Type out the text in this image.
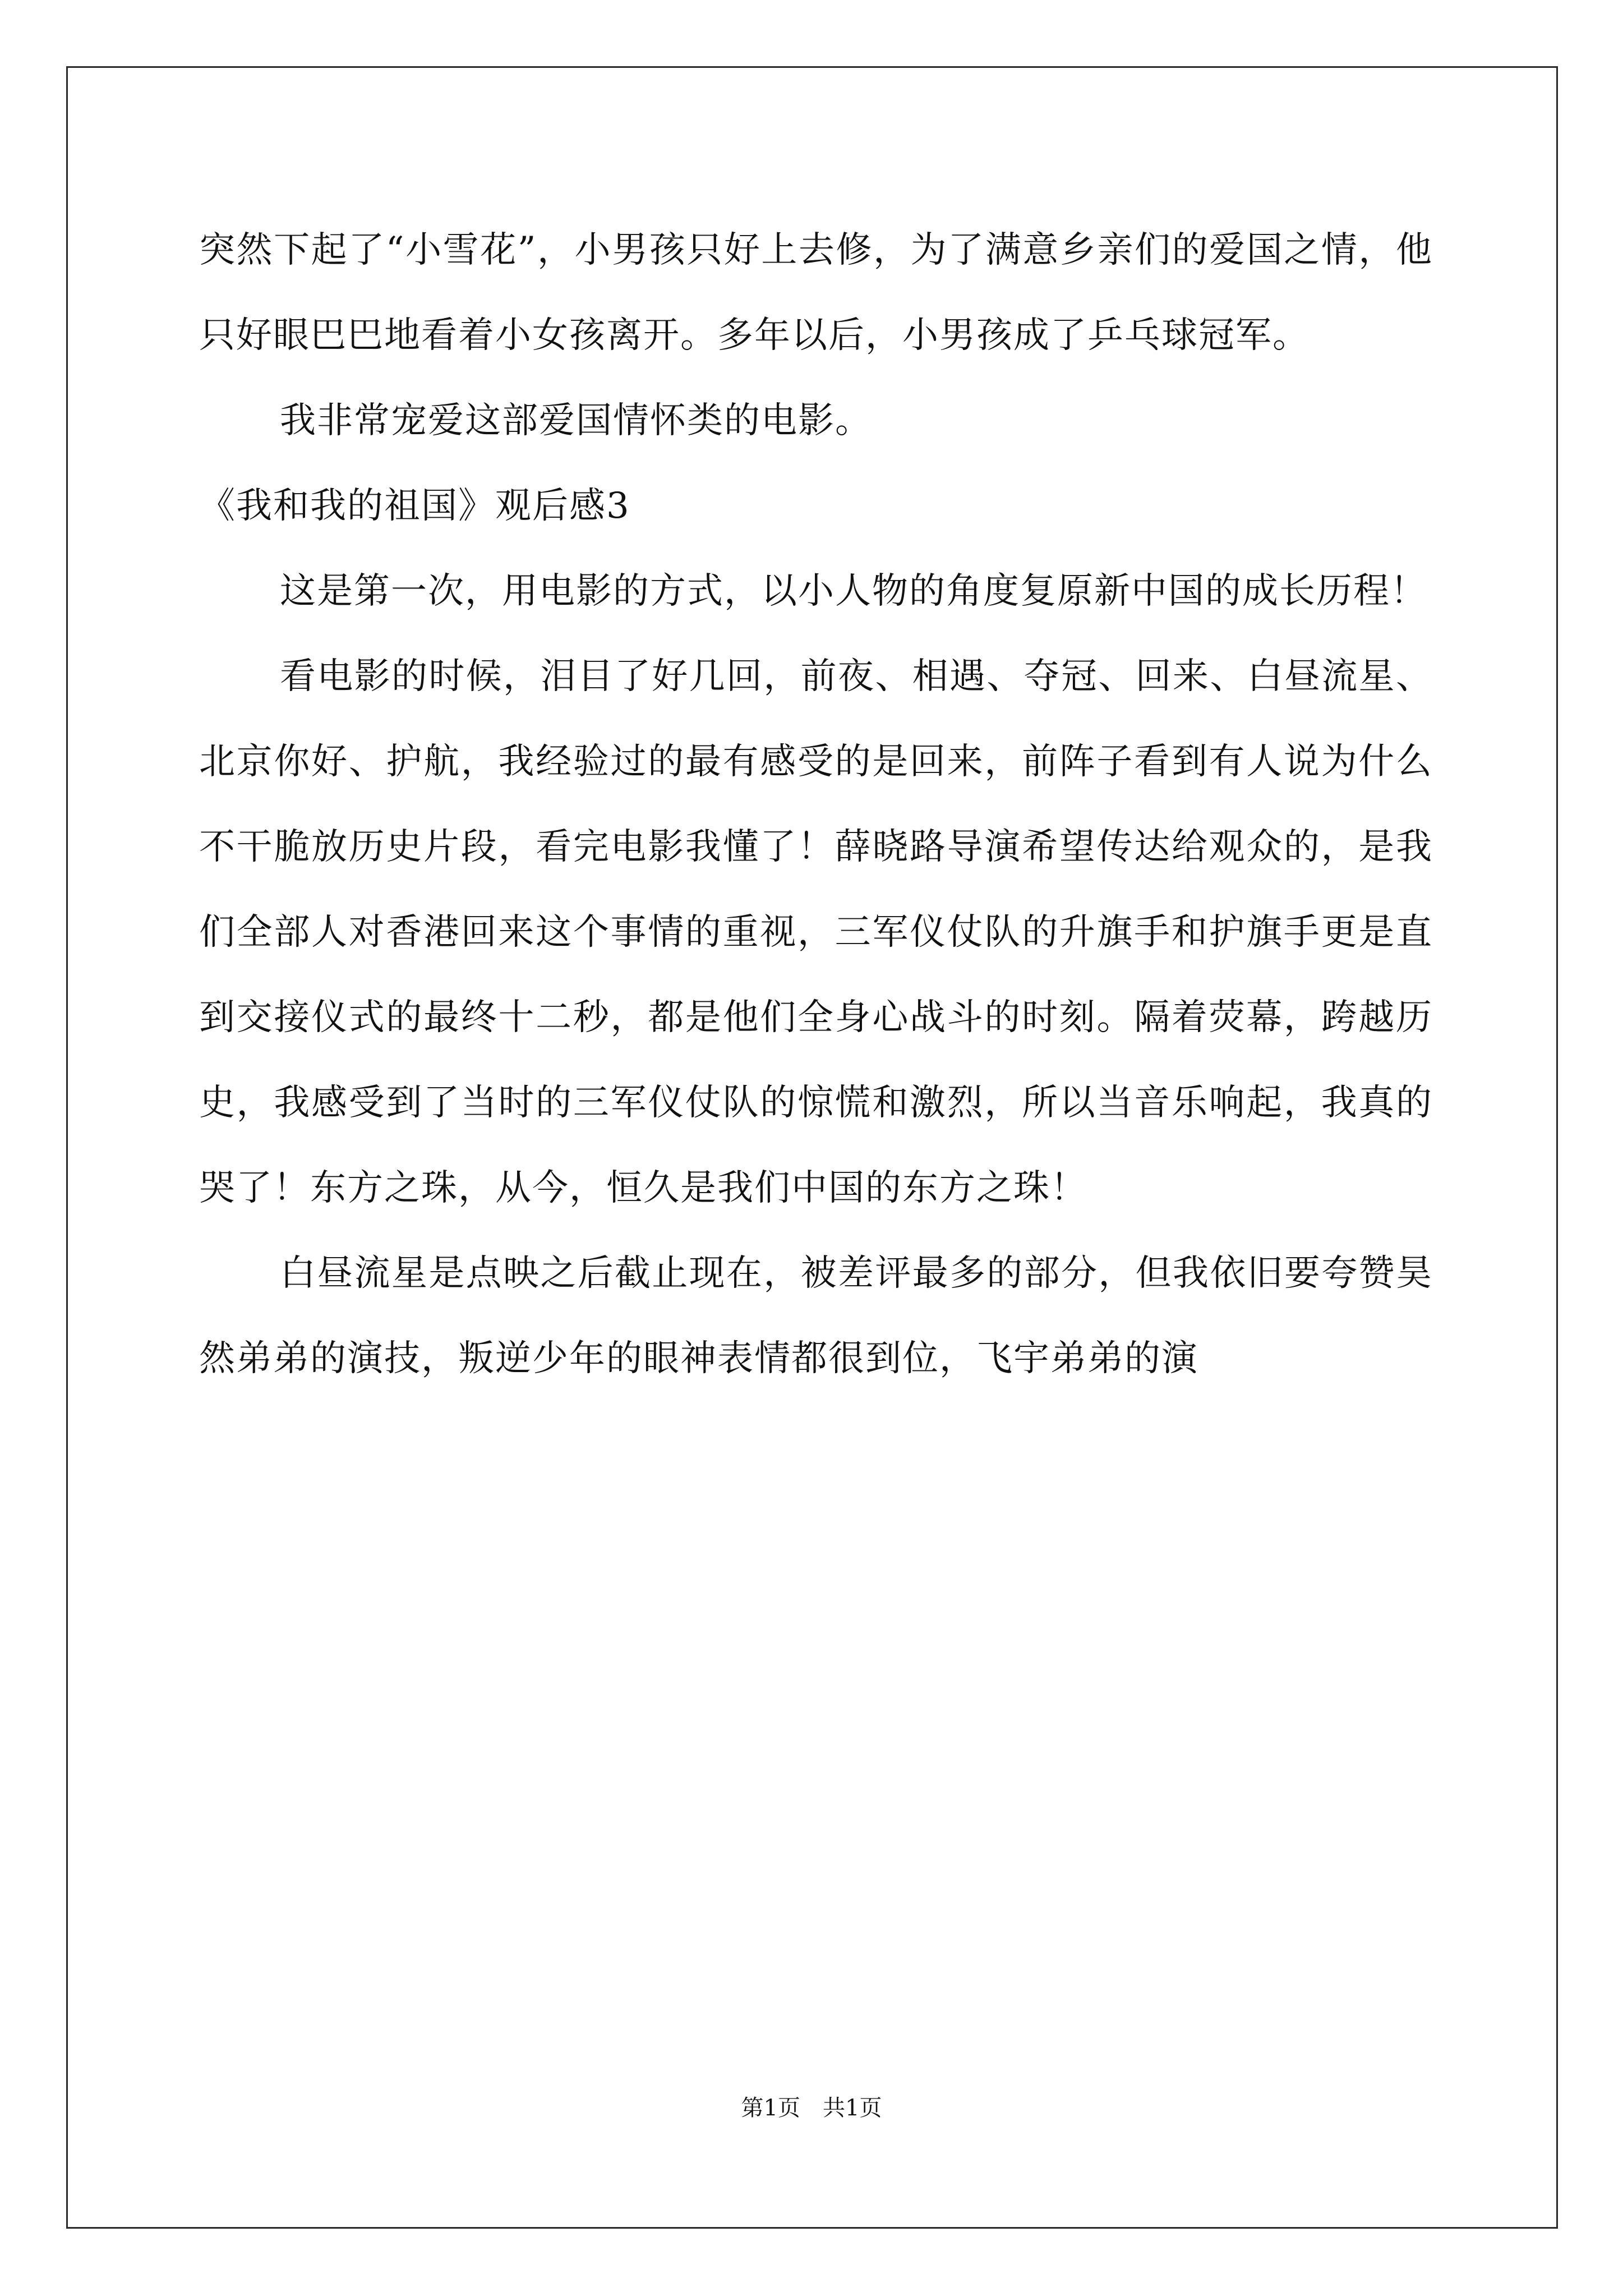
突然下起了“小雪花”，小男孩只好上去修，为了满意乡亲们的爱国之情，他只好眼巴巴地看着小女孩离开。多年以后，小男孩成了乒乓球冠军。

我非常宠爱这部爱国情怀类的电影。

《我和我的祖国》观后感3

这是第一次，用电影的方式，以小人物的角度复原新中国的成长历程！

看电影的时候，泪目了好几回，前夜、相遇、夺冠、回来、白昼流星、北京你好、护航，我经验过的最有感受的是回来，前阵子看到有人说为什么不干脆放历史片段，看完电影我懂了！薛晓路导演希望传达给观众的，是我们全部人对香港回来这个事情的重视，三军仪仗队的升旗手和护旗手更是直到交接仪式的最终十二秒，都是他们全身心战斗的时刻。隔着荧幕，跨越历史，我感受到了当时的三军仪仗队的惊慌和激烈，所以当音乐响起，我真的哭了！东方之珠，从今，恒久是我们中国的东方之珠！

白昼流星是点映之后截止现在，被差评最多的部分，但我依旧要夸赞昊然弟弟的演技，叛逆少年的眼神表情都很到位，飞宇弟弟的演

第1页 共1页
